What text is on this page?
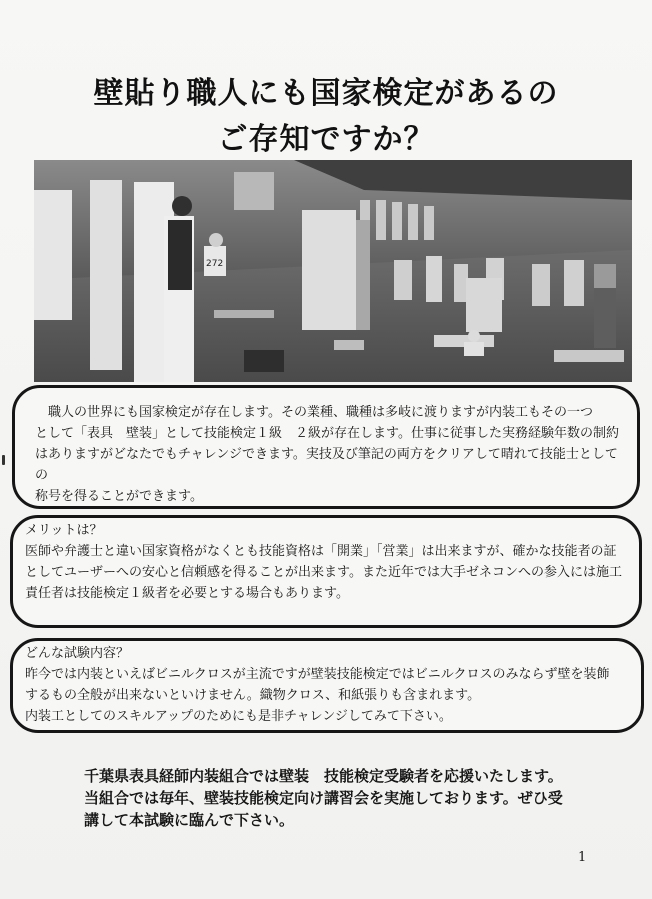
壁貼り職人にも国家検定があるの
ご存知ですか？
272

職人の世界にも国家検定が存在します。その業種、職種は多岐に渡りますが内装工もその一つ

として「表具　壁装」として技能検定１級　２級が存在します。仕事に従事した実務経験年数の制約

はありますがどなたでもチャレンジできます。実技及び筆記の両方をクリアして晴れて技能士としての

称号を得ることができます。

メリットは？

医師や弁護士と違い国家資格がなくとも技能資格は「開業」「営業」は出来ますが、確かな技能者の証

としてユーザーへの安心と信頼感を得ることが出来ます。また近年では大手ゼネコンへの参入には施工

責任者は技能検定１級者を必要とする場合もあります。

どんな試験内容？

昨今では内装といえばビニルクロスが主流ですが壁装技能検定ではビニルクロスのみならず壁を装飾

するもの全般が出来ないといけません。織物クロス、和紙張りも含まれます。

内装工としてのスキルアップのためにも是非チャレンジしてみて下さい。

千葉県表具経師内装組合では壁装　技能検定受験者を応援いたします。

当組合では毎年、壁装技能検定向け講習会を実施しております。ぜひ受

講して本試験に臨んで下さい。

1
